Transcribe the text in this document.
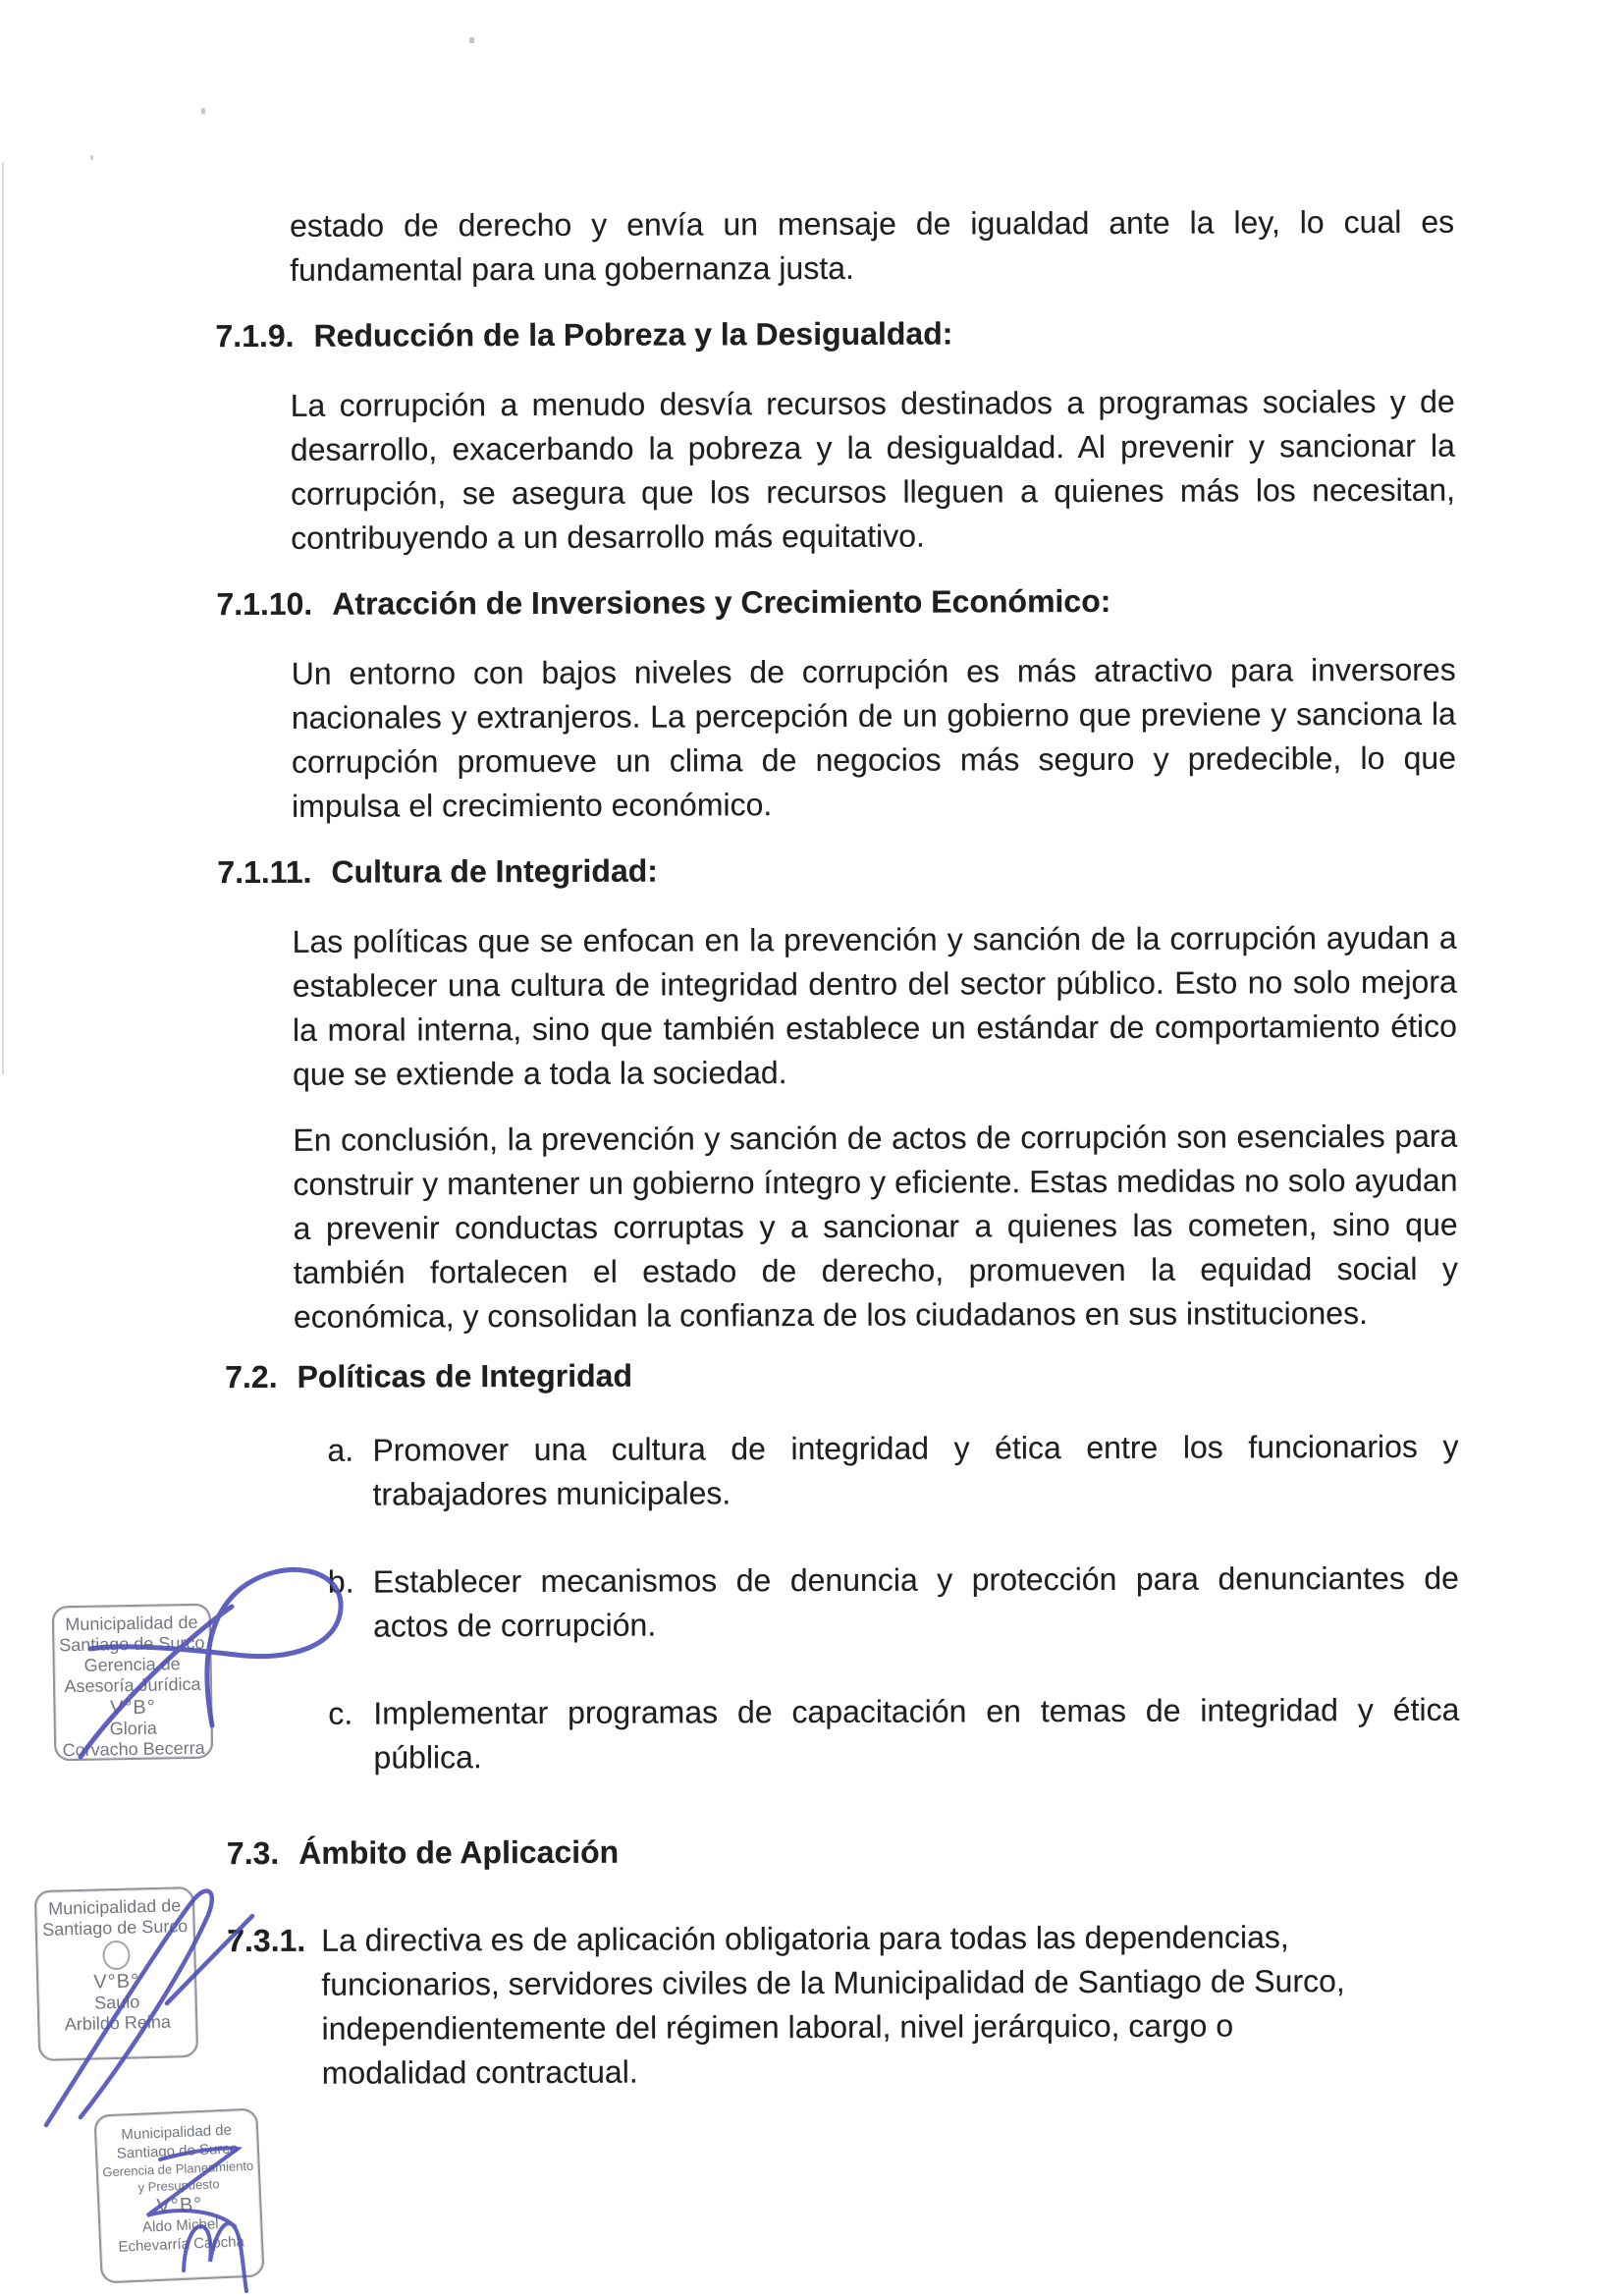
estado de derecho y envía un mensaje de igualdad ante la ley, lo cual es fundamental para una gobernanza justa.

7.1.9. Reducción de la Pobreza y la Desigualdad:

La corrupción a menudo desvía recursos destinados a programas sociales y de desarrollo, exacerbando la pobreza y la desigualdad. Al prevenir y sancionar la corrupción, se asegura que los recursos lleguen a quienes más los necesitan, contribuyendo a un desarrollo más equitativo.

7.1.10. Atracción de Inversiones y Crecimiento Económico:

Un entorno con bajos niveles de corrupción es más atractivo para inversores nacionales y extranjeros. La percepción de un gobierno que previene y sanciona la corrupción promueve un clima de negocios más seguro y predecible, lo que impulsa el crecimiento económico.

7.1.11. Cultura de Integridad:

Las políticas que se enfocan en la prevención y sanción de la corrupción ayudan a establecer una cultura de integridad dentro del sector público. Esto no solo mejora la moral interna, sino que también establece un estándar de comportamiento ético que se extiende a toda la sociedad.

En conclusión, la prevención y sanción de actos de corrupción son esenciales para construir y mantener un gobierno íntegro y eficiente. Estas medidas no solo ayudan a prevenir conductas corruptas y a sancionar a quienes las cometen, sino que también fortalecen el estado de derecho, promueven la equidad social y económica, y consolidan la confianza de los ciudadanos en sus instituciones.

7.2. Políticas de Integridad
a. Promover una cultura de integridad y ética entre los funcionarios y trabajadores municipales.

b. Establecer mecanismos de denuncia y protección para denunciantes de actos de corrupción.

c. Implementar programas de capacitación en temas de integridad y ética pública.

7.3. Ámbito de Aplicación
7.3.1. La directiva es de aplicación obligatoria para todas las dependencias,
funcionarios, servidores civiles de la Municipalidad de Santiago de Surco,
independientemente del régimen laboral, nivel jerárquico, cargo o
modalidad contractual.
Municipalidad de
Santiago de Surco
Gerencia de
Asesoría Jurídica
V°B°
Gloria
Corvacho Becerra
Municipalidad de
Santiago de Surco
V°B°
Saulo
Arbildo Reina
Municipalidad de
Santiago de Surco
Gerencia de Planeamiento
y Presupuesto
V°B°
Aldo Michel
Echevarría Capcha
